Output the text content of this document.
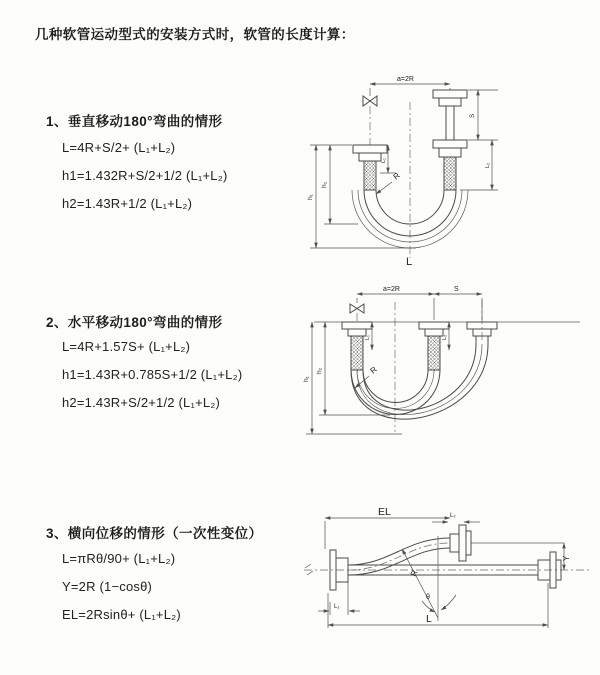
几种软管运动型式的安装方式时，软管的长度计算：
1、垂直移动180°弯曲的情形
L=4R+S/2+ (L₁+L₂)
h1=1.432R+S/2+1/2 (L₁+L₂)
h2=1.43R+1/2 (L₁+L₂)
2、水平移动180°弯曲的情形
L=4R+1.57S+ (L₁+L₂)
h1=1.43R+0.785S+1/2 (L₁+L₂)
h2=1.43R+S/2+1/2 (L₁+L₂)
3、横向位移的情形（一次性变位）
L=πRθ/90+ (L₁+L₂)
Y=2R (1−cosθ)
EL=2Rsinθ+ (L₁+L₂)
a=2R
h₁
h₂
L₁
S
L₂
R
L
a=2R	S
h₁
h₂
L₁	L₂
R
EL	L₂
Y
R
θ
L₁
L
